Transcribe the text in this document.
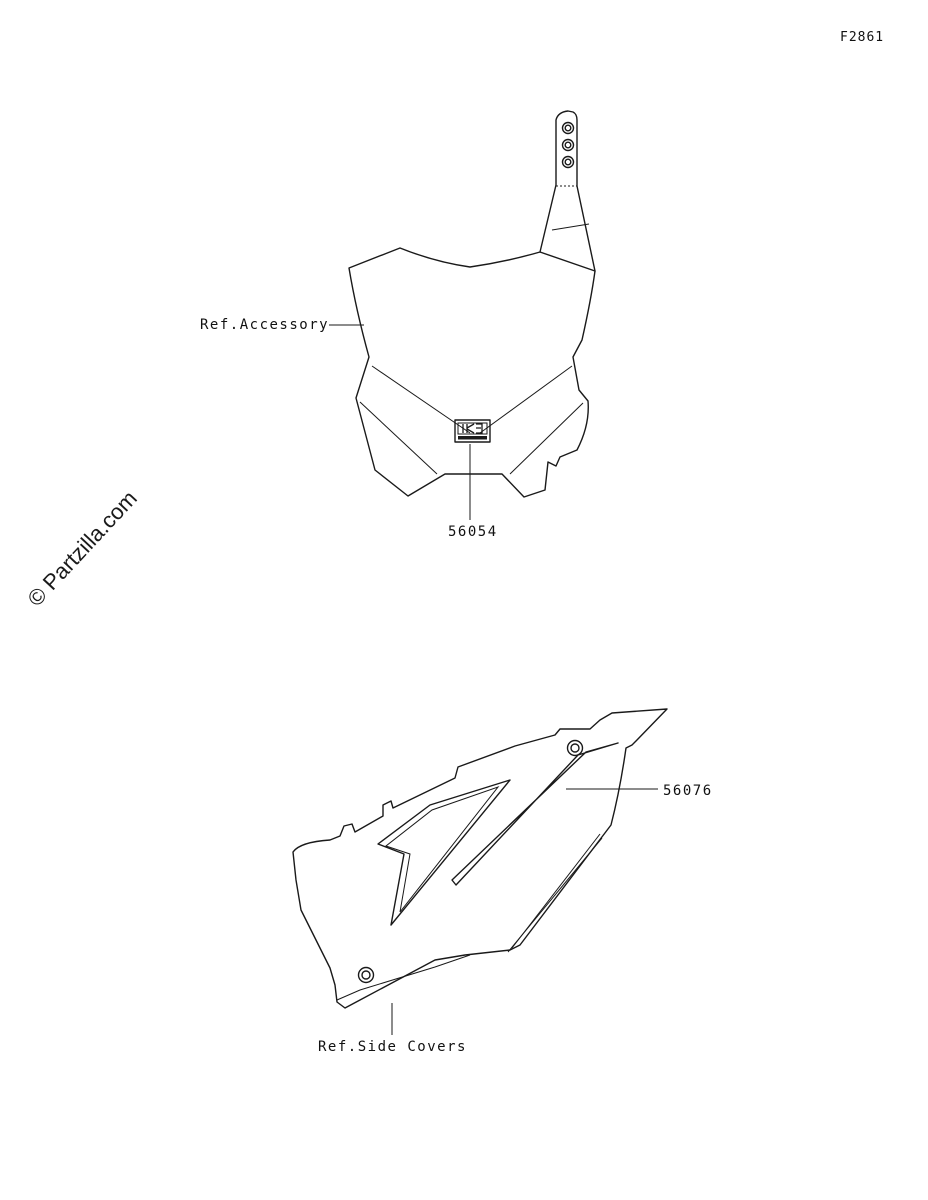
F2861
Ref.Accessory
56054
56076
Ref.Side Covers
© Partzilla.com
